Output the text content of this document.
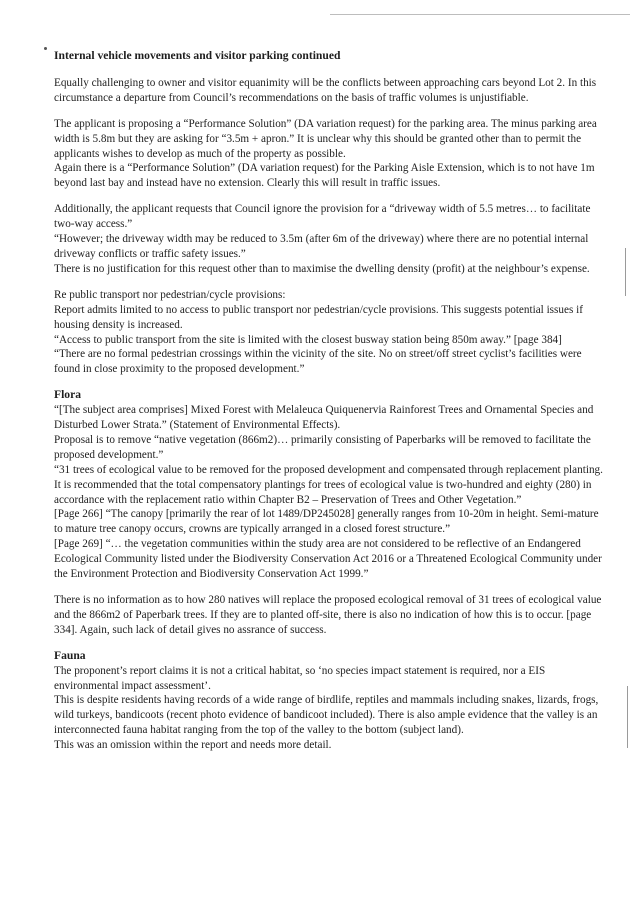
Internal vehicle movements and visitor parking continued

Equally challenging to owner and visitor equanimity will be the conflicts between approaching cars beyond Lot 2. In this circumstance a departure from Council’s recommendations on the basis of traffic volumes is unjustifiable.

The applicant is proposing a “Performance Solution” (DA variation request) for the parking area. The minus parking area width is 5.8m but they are asking for “3.5m + apron.” It is unclear why this should be granted other than to permit the applicants wishes to develop as much of the property as possible.
Again there is a “Performance Solution” (DA variation request) for the Parking Aisle Extension, which is to not have 1m beyond last bay and instead have no extension. Clearly this will result in traffic issues.

Additionally, the applicant requests that Council ignore the provision for a “driveway width of 5.5 metres… to facilitate two-way access.”
“However; the driveway width may be reduced to 3.5m (after 6m of the driveway) where there are no potential internal driveway conflicts or traffic safety issues.”
There is no justification for this request other than to maximise the dwelling density (profit) at the neighbour’s expense.

Re public transport nor pedestrian/cycle provisions:
Report admits limited to no access to public transport nor pedestrian/cycle provisions. This suggests potential issues if housing density is increased.
“Access to public transport from the site is limited with the closest busway station being 850m away.” [page 384]
“There are no formal pedestrian crossings within the vicinity of the site. No on street/off street cyclist’s facilities were found in close proximity to the proposed development.”

Flora

“[The subject area comprises] Mixed Forest with Melaleuca Quiquenervia Rainforest Trees and Ornamental Species and Disturbed Lower Strata.” (Statement of Environmental Effects).
Proposal is to remove “native vegetation (866m2)… primarily consisting of Paperbarks will be removed to facilitate the proposed development.”
“31 trees of ecological value to be removed for the proposed development and compensated through replacement planting. It is recommended that the total compensatory plantings for trees of ecological value is two-hundred and eighty (280) in accordance with the replacement ratio within Chapter B2 – Preservation of Trees and Other Vegetation.”
[Page 266] “The canopy [primarily the rear of lot 1489/DP245028] generally ranges from 10-20m in height. Semi-mature to mature tree canopy occurs, crowns are typically arranged in a closed forest structure.”
[Page 269] “… the vegetation communities within the study area are not considered to be reflective of an Endangered Ecological Community listed under the Biodiversity Conservation Act 2016 or a Threatened Ecological Community under the Environment Protection and Biodiversity Conservation Act 1999.”

There is no information as to how 280 natives will replace the proposed ecological removal of 31 trees of ecological value and the 866m2 of Paperbark trees. If they are to planted off-site, there is also no indication of how this is to occur. [page 334]. Again, such lack of detail gives no assrance of success.

Fauna

The proponent’s report claims it is not a critical habitat, so ‘no species impact statement is required, nor a EIS environmental impact assessment’.
This is despite residents having records of a wide range of birdlife, reptiles and mammals including snakes, lizards, frogs, wild turkeys, bandicoots (recent photo evidence of bandicoot included). There is also ample evidence that the valley is an interconnected fauna habitat ranging from the top of the valley to the bottom (subject land).
This was an omission within the report and needs more detail.
